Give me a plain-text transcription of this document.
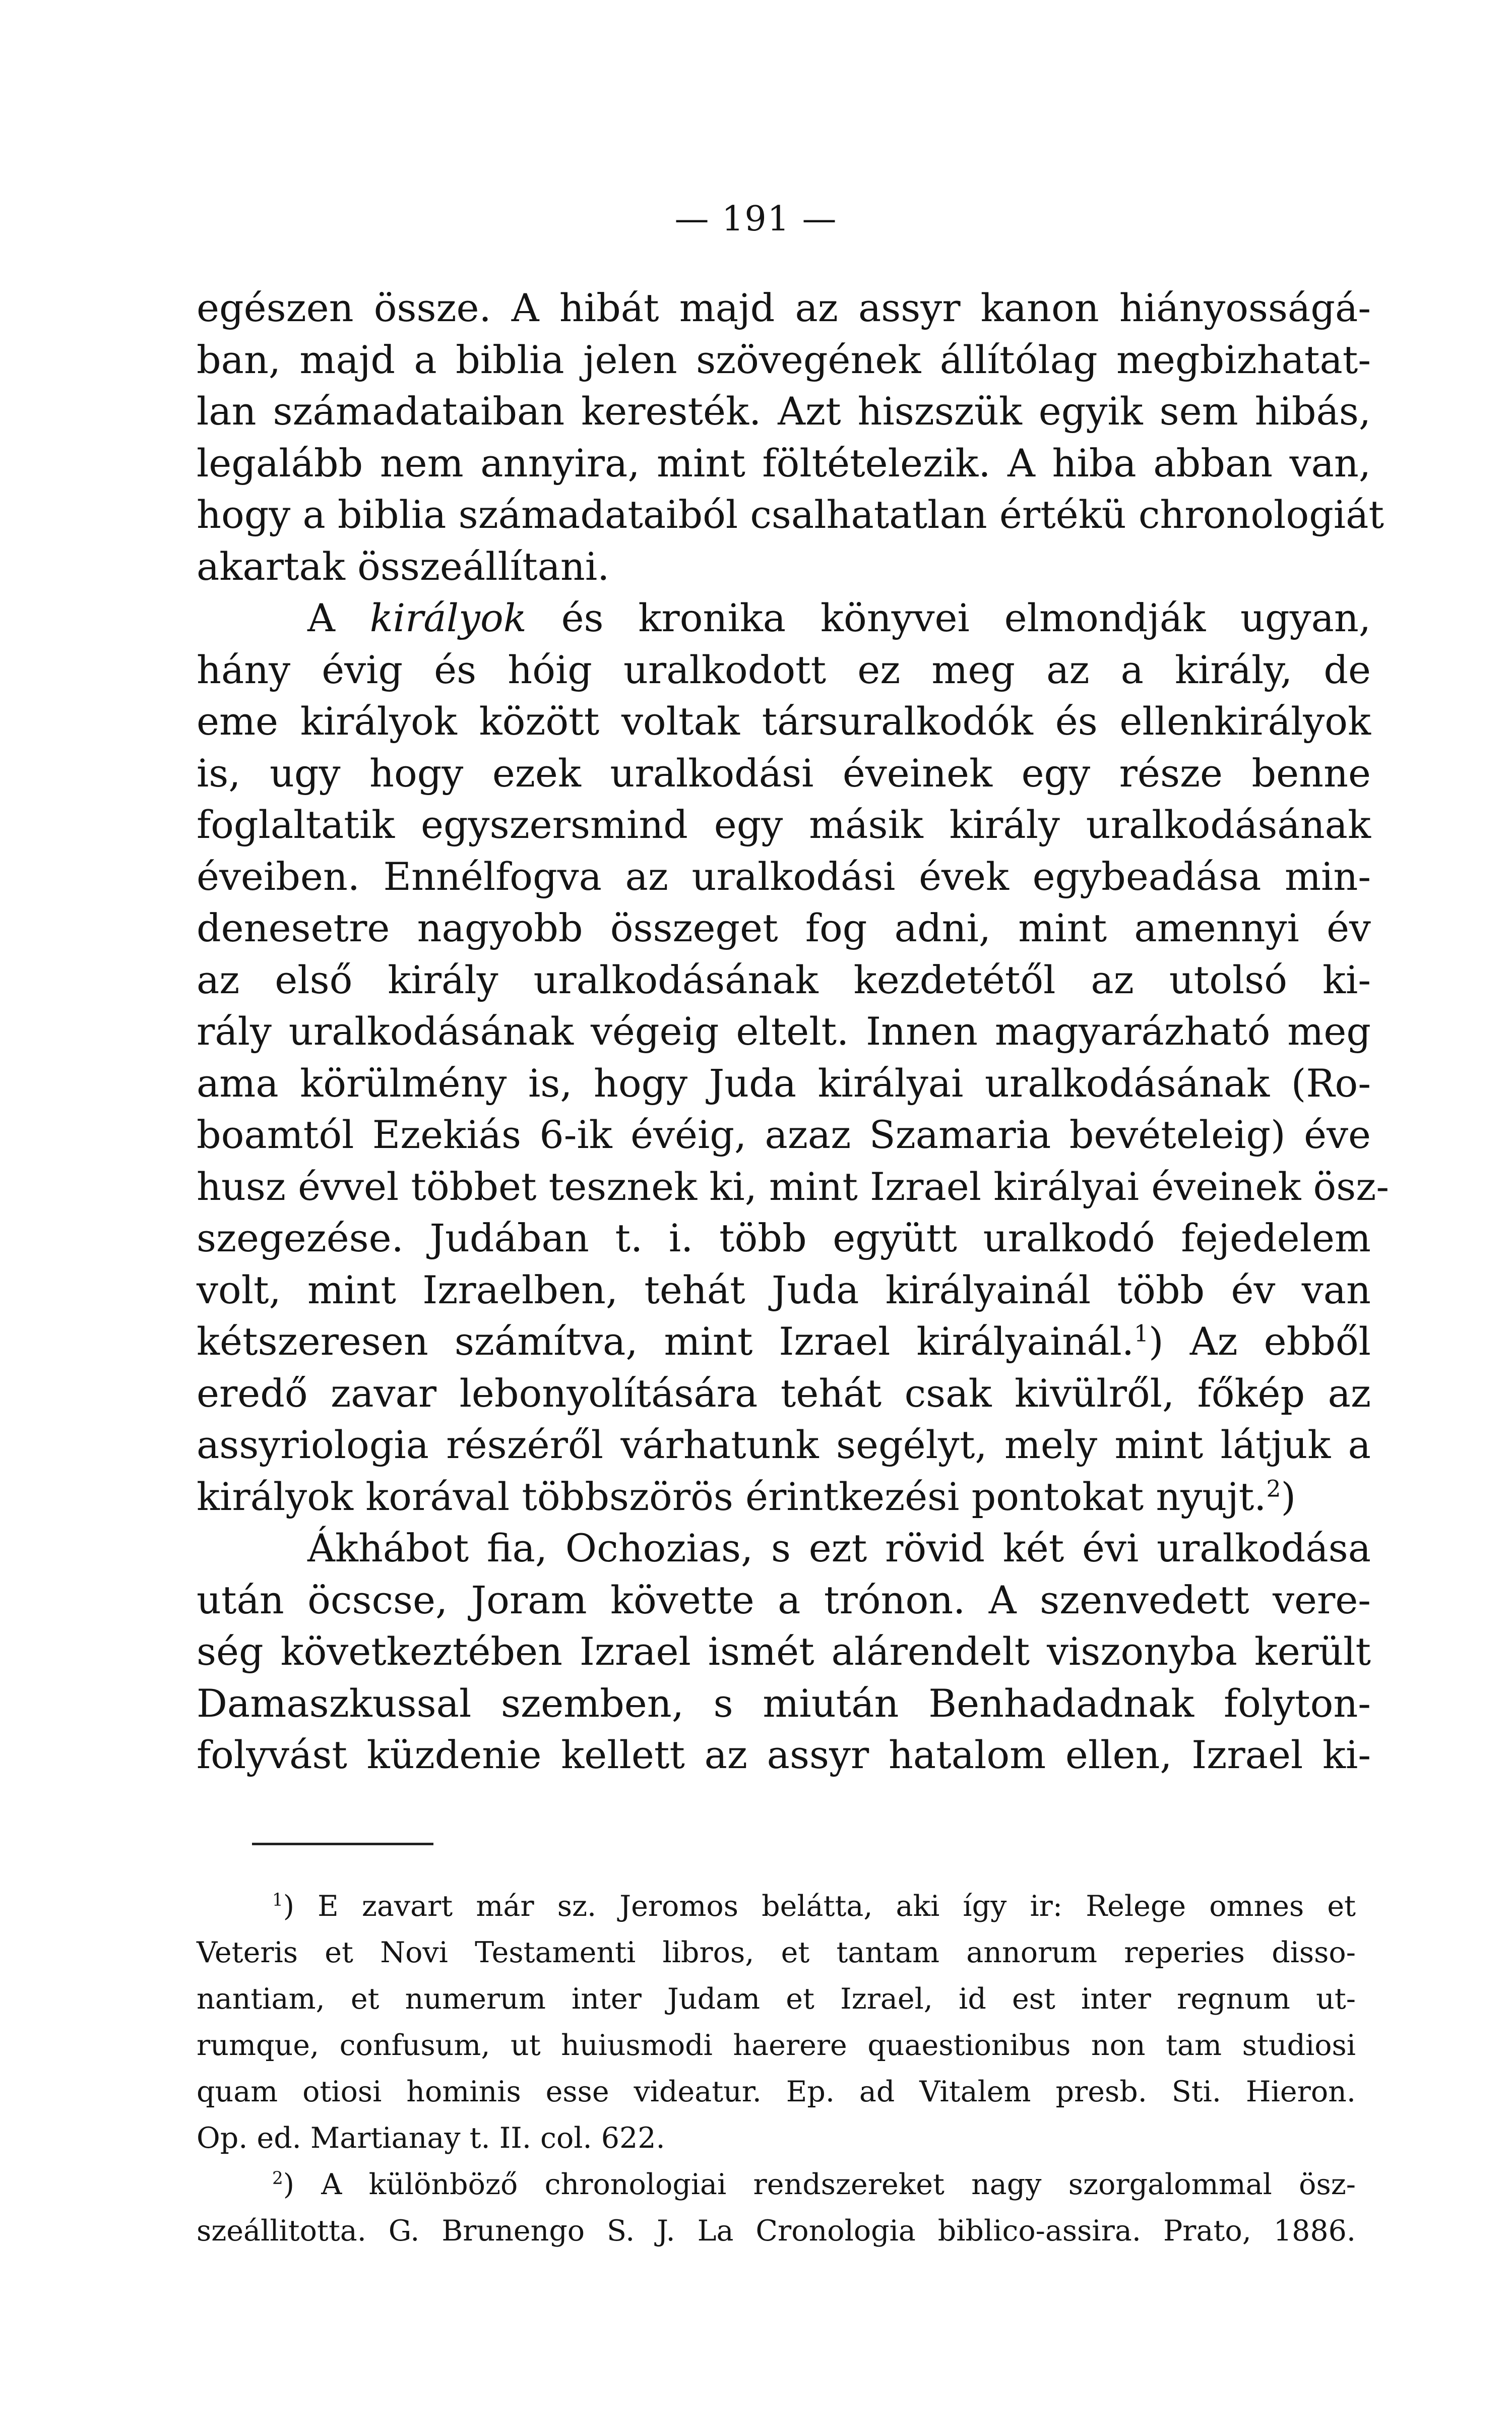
— 191 —
egészen össze. A hibát majd az assyr kanon hiányosságá-
ban, majd a biblia jelen szövegének állítólag megbizhatat-
lan számadataiban keresték. Azt hiszszük egyik sem hibás,
legalább nem annyira, mint föltételezik. A hiba abban van,
hogy a biblia számadataiból csalhatatlan értékü chronologiát
akartak összeállítani.
A királyok és kronika könyvei elmondják ugyan,
hány évig és hóig uralkodott ez meg az a király, de
eme királyok között voltak társuralkodók és ellenkirályok
is, ugy hogy ezek uralkodási éveinek egy része benne
foglaltatik egyszersmind egy másik király uralkodásának
éveiben. Ennélfogva az uralkodási évek egybeadása min-
denesetre nagyobb összeget fog adni, mint amennyi év
az első király uralkodásának kezdetétől az utolsó ki-
rály uralkodásának végeig eltelt. Innen magyarázható meg
ama körülmény is, hogy Juda királyai uralkodásának (Ro-
boamtól Ezekiás 6-ik évéig, azaz Szamaria bevételeig) éve
husz évvel többet tesznek ki, mint Izrael királyai éveinek ösz-
szegezése. Judában t. i. több együtt uralkodó fejedelem
volt, mint Izraelben, tehát Juda királyainál több év van
kétszeresen számítva, mint Izrael királyainál.$^1$) Az ebből
eredő zavar lebonyolítására tehát csak kivülről, főkép az
assyriologia részéről várhatunk segélyt, mely mint látjuk a
királyok korával többszörös érintkezési pontokat nyujt.$^2$)
Ákhábot fia, Ochozias, s ezt rövid két évi uralkodása
után öcscse, Joram követte a trónon. A szenvedett vere-
ség következtében Izrael ismét alárendelt viszonyba került
Damaszkussal szemben, s miután Benhadadnak folyton-
folyvást küzdenie kellett az assyr hatalom ellen, Izrael ki-
$^1$) E zavart már sz. Jeromos belátta, aki így ir: Relege omnes et
Veteris et Novi Testamenti libros, et tantam annorum reperies disso-
nantiam, et numerum inter Judam et Izrael, id est inter regnum ut-
rumque, confusum, ut huiusmodi haerere quaestionibus non tam studiosi
quam otiosi hominis esse videatur. Ep. ad Vitalem presb. Sti. Hieron.
Op. ed. Martianay t. II. col. 622.
$^2$) A különböző chronologiai rendszereket nagy szorgalommal ösz-
szeállitotta. G. Brunengo S. J. La Cronologia biblico-assira. Prato, 1886.
